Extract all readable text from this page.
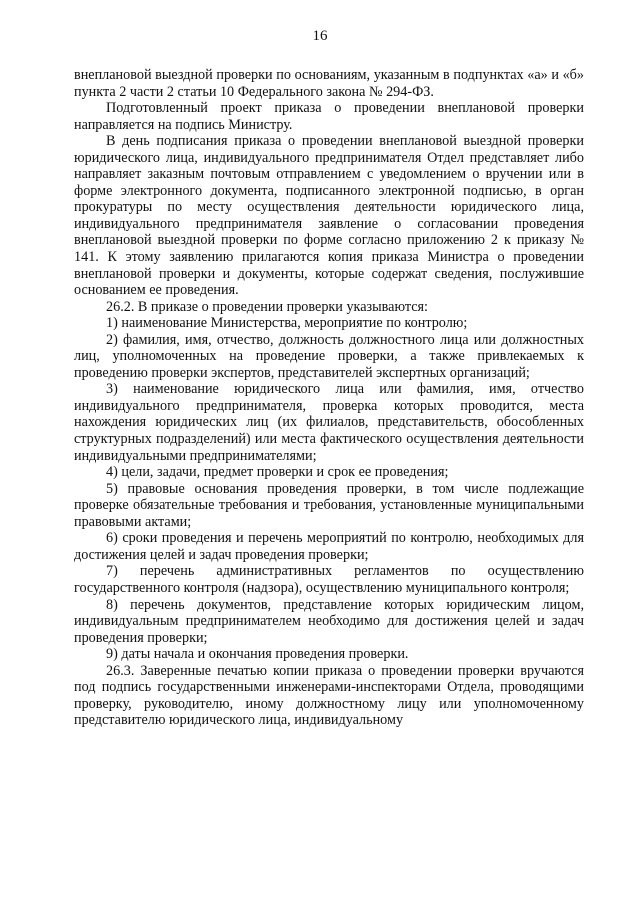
16

внеплановой выездной проверки по основаниям, указанным в подпунктах «а» и «б» пункта 2 части 2 статьи 10 Федерального закона № 294-ФЗ.

Подготовленный проект приказа о проведении внеплановой проверки направляется на подпись Министру.

В день подписания приказа о проведении внеплановой выездной проверки юридического лица, индивидуального предпринимателя Отдел представляет либо направляет заказным почтовым отправлением с уведомлением о вручении или в форме электронного документа, подписанного электронной подписью, в орган прокуратуры по месту осуществления деятельности юридического лица, индивидуального предпринимателя заявление о согласовании проведения внеплановой выездной проверки по форме согласно приложению 2 к приказу № 141. К этому заявлению прилагаются копия приказа Министра о проведении внеплановой проверки и документы, которые содержат сведения, послужившие основанием ее проведения.

26.2. В приказе о проведении проверки указываются:

1) наименование Министерства, мероприятие по контролю;

2) фамилия, имя, отчество, должность должностного лица или должностных лиц, уполномоченных на проведение проверки, а также привлекаемых к проведению проверки экспертов, представителей экспертных организаций;

3) наименование юридического лица или фамилия, имя, отчество индивидуального предпринимателя, проверка которых проводится, места нахождения юридических лиц (их филиалов, представительств, обособленных структурных подразделений) или места фактического осуществления деятельности индивидуальными предпринимателями;

4) цели, задачи, предмет проверки и срок ее проведения;

5) правовые основания проведения проверки, в том числе подлежащие проверке обязательные требования и требования, установленные муниципальными правовыми актами;

6) сроки проведения и перечень мероприятий по контролю, необходимых для достижения целей и задач проведения проверки;

7) перечень административных регламентов по осуществлению государственного контроля (надзора), осуществлению муниципального контроля;

8) перечень документов, представление которых юридическим лицом, индивидуальным предпринимателем необходимо для достижения целей и задач проведения проверки;

9) даты начала и окончания проведения проверки.

26.3. Заверенные печатью копии приказа о проведении проверки вручаются под подпись государственными инженерами-инспекторами Отдела, проводящими проверку, руководителю, иному должностному лицу или уполномоченному представителю юридического лица, индивидуальному
